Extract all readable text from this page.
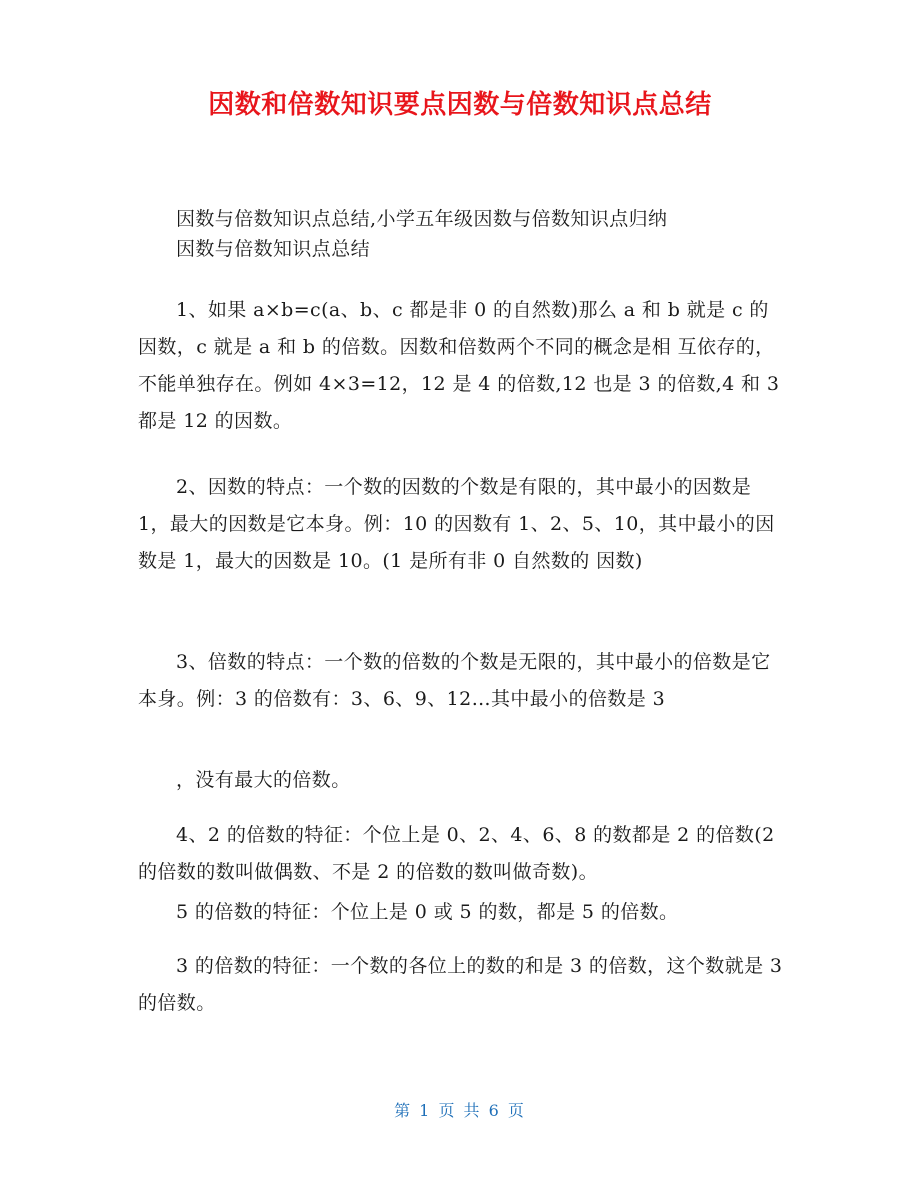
因数和倍数知识要点因数与倍数知识点总结

因数与倍数知识点总结,小学五年级因数与倍数知识点归纳

因数与倍数知识点总结

1、如果 a×b=c(a、b、c 都是非 0 的自然数)那么 a 和 b 就是 c 的因数，c 就是 a 和 b 的倍数。因数和倍数两个不同的概念是相 互依存的，不能单独存在。例如 4×3=12，12 是 4 的倍数,12 也是 3 的倍数,4 和 3 都是 12 的因数。

2、因数的特点：一个数的因数的个数是有限的，其中最小的因数是 1，最大的因数是它本身。例：10 的因数有 1、2、5、10，其中最小的因数是 1，最大的因数是 10。(1 是所有非 0 自然数的 因数)

3、倍数的特点：一个数的倍数的个数是无限的，其中最小的倍数是它本身。例：3 的倍数有：3、6、9、12…其中最小的倍数是 3

，没有最大的倍数。

4、2 的倍数的特征：个位上是 0、2、4、6、8 的数都是 2 的倍数(2 的倍数的数叫做偶数、不是 2 的倍数的数叫做奇数)。

5 的倍数的特征：个位上是 0 或 5 的数，都是 5 的倍数。

3 的倍数的特征：一个数的各位上的数的和是 3 的倍数，这个数就是 3 的倍数。

第 1 页 共 6 页
